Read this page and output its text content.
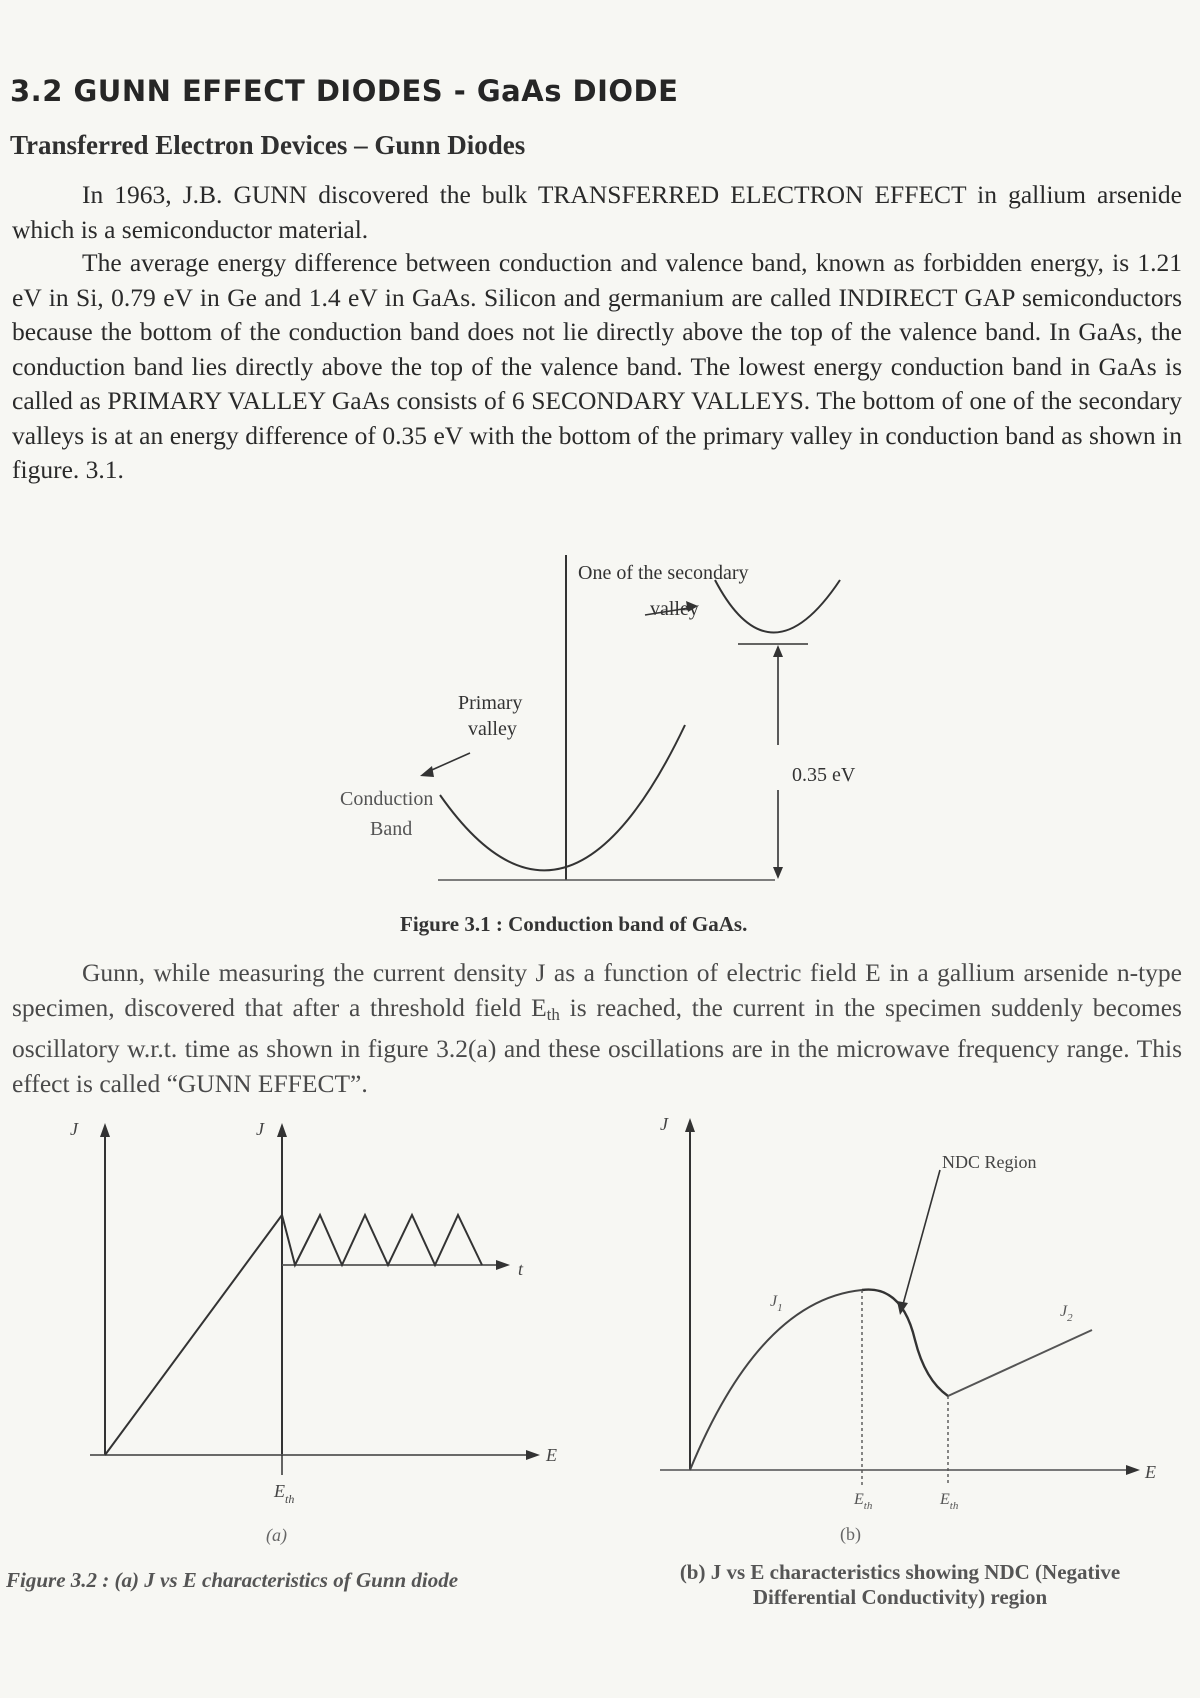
3.2 GUNN EFFECT DIODES - GaAs DIODE
Transferred Electron Devices – Gunn Diodes
In 1963, J.B. GUNN discovered the bulk TRANSFERRED ELECTRON EFFECT in gallium arsenide which is a semiconductor material.
The average energy difference between conduction and valence band, known as forbidden energy, is 1.21 eV in Si, 0.79 eV in Ge and 1.4 eV in GaAs. Silicon and germanium are called INDIRECT GAP semiconductors because the bottom of the conduction band does not lie directly above the top of the valence band. In GaAs, the conduction band lies directly above the top of the valence band. The lowest energy conduction band in GaAs is called as PRIMARY VALLEY GaAs consists of 6 SECONDARY VALLEYS. The bottom of one of the secondary valleys is at an energy difference of 0.35 eV with the bottom of the primary valley in conduction band as shown in figure. 3.1.
One of the secondary
valley
Primary
valley
Conduction
Band
0.35 eV
Figure 3.1 : Conduction band of GaAs.
Gunn, while measuring the current density J as a function of electric field E in a gallium arsenide n-type specimen, discovered that after a threshold field $E_{th}$ is reached, the current in the specimen suddenly becomes oscillatory w.r.t. time as shown in figure 3.2(a) and these oscillations are in the microwave frequency range. This effect is called “GUNN EFFECT”.
J	J
t
E
$E_{th}$
(a)
Figure 3.2 : (a) J vs E characteristics of Gunn diode
J
E
NDC Region
$J_1$	$J_2$
$E_{th}$	$E_{th}$
(b)
(b) J vs E characteristics showing NDC (Negative Differential Conductivity) region
